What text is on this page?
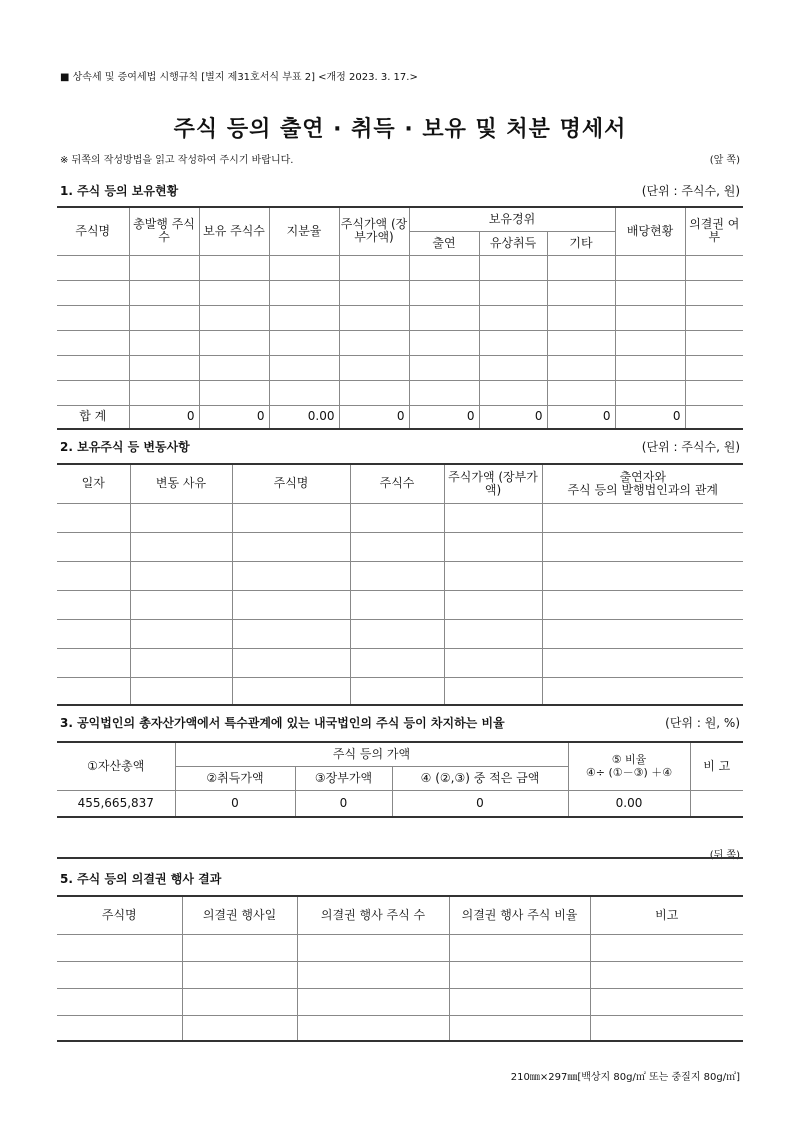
■ 상속세 및 증여세법 시행규칙 [별지 제31호서식 부표 2] <개정 2023. 3. 17.>
주식 등의 출연 · 취득 · 보유 및 처분 명세서
※ 뒤쪽의 작성방법을 읽고 작성하여 주시기 바랍니다.	(앞 쪽)
1. 주식 등의 보유현황	(단위 : 주식수, 원)
주식명	총발행 주식수	보유 주식수	지분율	주식가액 (장부가액)	보유경위			배당현황	의결권 여부
					출연	유상취득	기타		

합 계	0	0	0.00	0	0	0	0	0	
2. 보유주식 등 변동사항	(단위 : 주식수, 원)
일자	변동 사유	주식명	주식수	주식가액 (장부가액)	출연자와
주식 등의 발행법인과의 관계

3. 공익법인의 총자산가액에서 특수관계에 있는 내국법인의 주식 등이 차지하는 비율	(단위 : 원, %)
①자산총액	주식 등의 가액			⑤ 비율
④÷ (①－③) ＋④	비 고
	②취득가액	③장부가액	④ (②,③) 중 적은 금액		
455,665,837	0	0	0	0.00	
(뒤 쪽)
5. 주식 등의 의결권 행사 결과
주식명	의결권 행사일	의결권 행사 주식 수	의결권 행사 주식 비율	비고

210㎜×297㎜[백상지 80g/㎡ 또는 중질지 80g/㎡]
